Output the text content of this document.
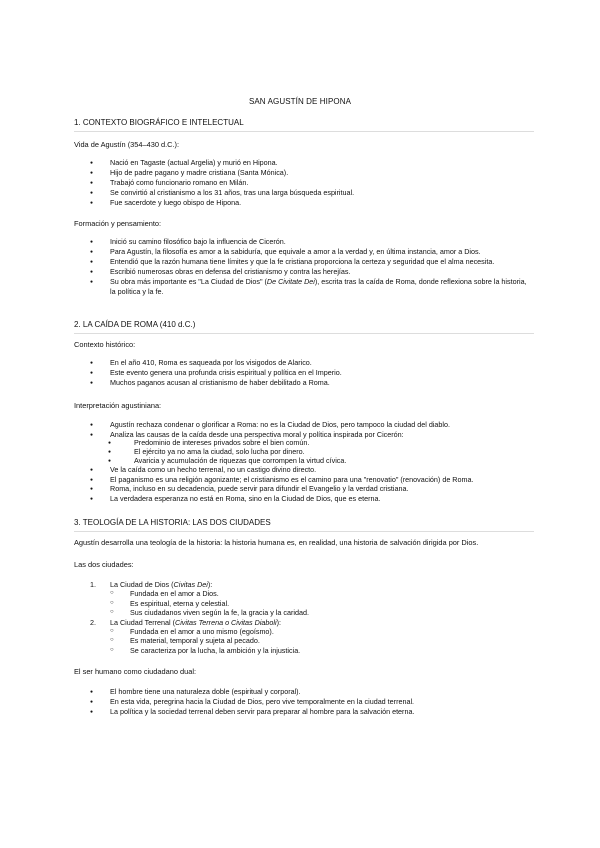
SAN AGUSTÍN DE HIPONA
1. CONTEXTO BIOGRÁFICO E INTELECTUAL
Vida de Agustín (354–430 d.C.):
● Nació en Tagaste (actual Argelia) y murió en Hipona.
● Hijo de padre pagano y madre cristiana (Santa Mónica).
● Trabajó como funcionario romano en Milán.
● Se convirtió al cristianismo a los 31 años, tras una larga búsqueda espiritual.
● Fue sacerdote y luego obispo de Hipona.
Formación y pensamiento:
● Inició su camino filosófico bajo la influencia de Cicerón.
● Para Agustín, la filosofía es amor a la sabiduría, que equivale a amor a la verdad y, en última instancia, amor a Dios.
● Entendió que la razón humana tiene límites y que la fe cristiana proporciona la certeza y seguridad que el alma necesita.
● Escribió numerosas obras en defensa del cristianismo y contra las herejías.
● Su obra más importante es "La Ciudad de Dios" (De Civitate Dei), escrita tras la caída de Roma, donde reflexiona sobre la historia, la política y la fe.
2. LA CAÍDA DE ROMA (410 d.C.)
Contexto histórico:
● En el año 410, Roma es saqueada por los visigodos de Alarico.
● Este evento genera una profunda crisis espiritual y política en el Imperio.
● Muchos paganos acusan al cristianismo de haber debilitado a Roma.
Interpretación agustiniana:
● Agustín rechaza condenar o glorificar a Roma: no es la Ciudad de Dios, pero tampoco la ciudad del diablo.
● Analiza las causas de la caída desde una perspectiva moral y política inspirada por Cicerón:
● Predominio de intereses privados sobre el bien común.
● El ejército ya no ama la ciudad, solo lucha por dinero.
● Avaricia y acumulación de riquezas que corrompen la virtud cívica.
● Ve la caída como un hecho terrenal, no un castigo divino directo.
● El paganismo es una religión agonizante; el cristianismo es el camino para una "renovatio" (renovación) de Roma.
● Roma, incluso en su decadencia, puede servir para difundir el Evangelio y la verdad cristiana.
● La verdadera esperanza no está en Roma, sino en la Ciudad de Dios, que es eterna.
3. TEOLOGÍA DE LA HISTORIA: LAS DOS CIUDADES
Agustín desarrolla una teología de la historia: la historia humana es, en realidad, una historia de salvación dirigida por Dios.
Las dos ciudades:
1. La Ciudad de Dios (Civitas Dei):
○ Fundada en el amor a Dios.
○ Es espiritual, eterna y celestial.
○ Sus ciudadanos viven según la fe, la gracia y la caridad.
2. La Ciudad Terrenal (Civitas Terrena o Civitas Diaboli):
○ Fundada en el amor a uno mismo (egoísmo).
○ Es material, temporal y sujeta al pecado.
○ Se caracteriza por la lucha, la ambición y la injusticia.
El ser humano como ciudadano dual:
● El hombre tiene una naturaleza doble (espiritual y corporal).
● En esta vida, peregrina hacia la Ciudad de Dios, pero vive temporalmente en la ciudad terrenal.
● La política y la sociedad terrenal deben servir para preparar al hombre para la salvación eterna.
